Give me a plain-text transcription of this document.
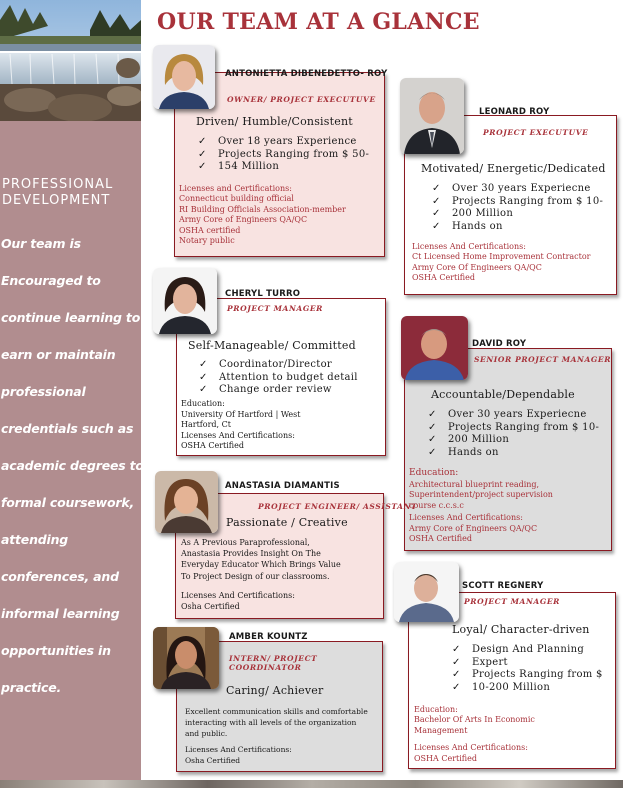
PROFESSIONAL
DEVELOPMENT
Our team is
Encouraged to
continue learning to
earn or maintain
professional
credentials such as
academic degrees to
formal coursework,
attending
conferences, and
informal learning
opportunities in
practice.
OUR TEAM AT A GLANCE
ANTONIETTA DIBENEDETTO- ROY
OWNER/ PROJECT EXECUTUVE
Driven/ Humble/Consistent
✓ Over 18 years Experience
✓ Projects Ranging from $ 50-
✓ 154 Million
Licenses and Certifications:
Connecticut building official
RI Building Officials Association-member
Army Core of Engineers QA/QC
OSHA certified
Notary public
LEONARD ROY
PROJECT EXECUTUVE
Motivated/ Energetic/Dedicated
✓ Over 30 years Experiecne
✓ Projects Ranging from $ 10-
✓ 200 Million
✓ Hands on
Licenses And Certifications:
Ct Licensed Home Improvement Contractor
Army Core Of Engineers QA/QC
OSHA Certified
CHERYL TURRO
PROJECT MANAGER
Self-Manageable/ Committed
✓ Coordinator/Director
✓ Attention to budget detail
✓ Change order review
Education:
University Of Hartford | West
Hartford, Ct
Licenses And Certifications:
OSHA Certified
DAVID ROY
SENIOR PROJECT MANAGER
Accountable/Dependable
✓ Over 30 years Experiecne
✓ Projects Ranging from $ 10-
✓ 200 Million
✓ Hands on
Education:
Architectural blueprint reading,
Superintendent/project supervision
course c.c.s.c
Licenses And Certifications:
Army Core of Engineers QA/QC
OSHA Certified
ANASTASIA DIAMANTIS
PROJECT ENGINEER/ ASSISTANT
Passionate / Creative
As A Previous Paraprofessional,
Anastasia Provides Insight On The
Everyday Educator Which Brings Value
To Project Design of our classrooms.
Licenses And Certifications:
Osha Certified
SCOTT REGNERY
PROJECT MANAGER
Loyal/ Character-driven
✓ Design And Planning
✓ Expert
✓ Projects Ranging from $
✓ 10-200 Million
Education:
Bachelor Of Arts In Economic
Management
Licenses And Certifications:
OSHA Certified
AMBER KOUNTZ
INTERN/ PROJECT
COORDINATOR
Caring/ Achiever
Excellent communication skills and comfortable
interacting with all levels of the organization
and public.
Licenses And Certifications:
Osha Certified
